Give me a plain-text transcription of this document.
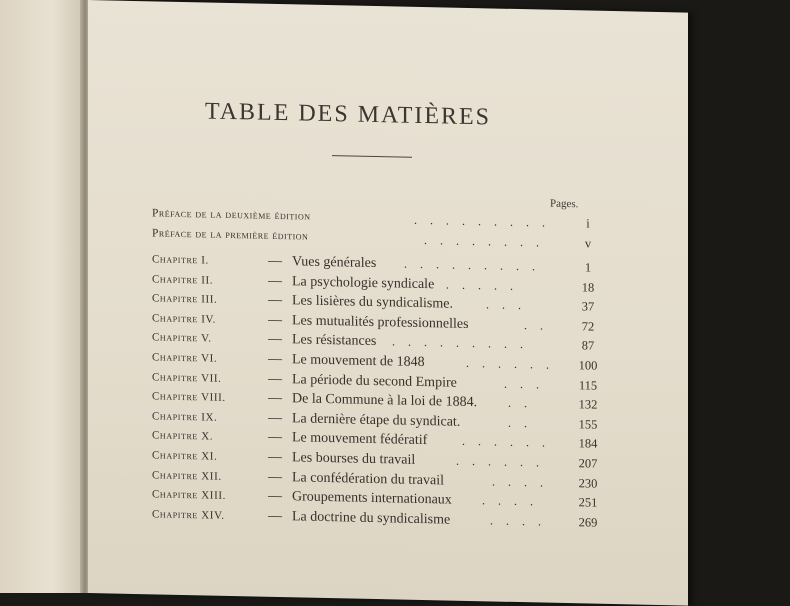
TABLE DES MATIÈRES
Pages.
Préface de la deuxième édition	. . . . . . . . .	i
Préface de la première édition	. . . . . . . .	v
Chapitre I.	— Vues générales . . . . . . . . .	1
Chapitre II.	— La psychologie syndicale . . . . .	18
Chapitre III.	— Les lisières du syndicalisme.	. . .	37
Chapitre IV.	— Les mutualités professionnelles	. .	72
Chapitre V.	— Les résistances . . . . . . . . .	87
Chapitre VI.	— Le mouvement de 1848	. . . . . .	100
Chapitre VII.	— La période du second Empire	. . .	115
Chapitre VIII.	— De la Commune à la loi de 1884.	. .	132
Chapitre IX.	— La dernière étape du syndicat.	. .	155
Chapitre X.	— Le mouvement fédératif	. . . . . .	184
Chapitre XI.	— Les bourses du travail	. . . . . .	207
Chapitre XII.	— La confédération du travail	. . . .	230
Chapitre XIII.	— Groupements internationaux	. . . .	251
Chapitre XIV.	— La doctrine du syndicalisme	. . . .	269
